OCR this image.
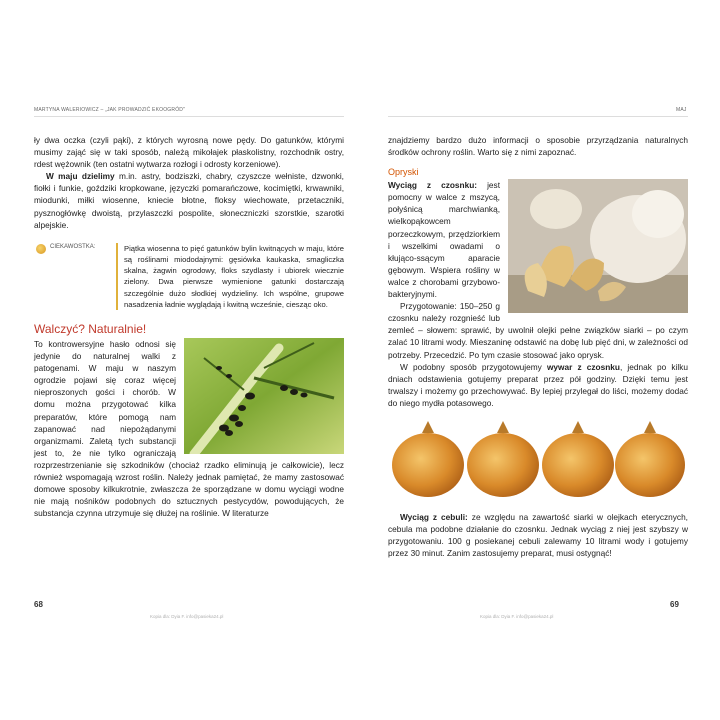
MARTYNA WALERIOWICZ – „JAK PROWADZIĆ EKOOGRÓD"

ły dwa oczka (czyli pąki), z których wyrosną nowe pędy. Do gatunków, którymi musimy zająć się w taki sposób, należą mikołajek płaskolistny, rozchodnik ostry, rdest wężownik (ten ostatni wytwarza rozłogi i odrosty korzeniowe).

W maju dzielimy m.in. astry, bodziszki, chabry, czyszcze wełniste, dzwonki, fiołki i funkie, goździki kropkowane, języczki pomarańczowe, kocimiętki, krwawniki, miodunki, miłki wiosenne, kniecie błotne, floksy wiechowate, przetaczniki, pysznogłówkę dwoistą, przylaszczki pospolite, słoneczniczki szorstkie, szarotki alpejskie.

CIEKAWOSTKA:	Piątka wiosenna to pięć gatunków bylin kwitnących w maju, które są roślinami miododajnymi: gęsiówka kaukaska, smagliczka skalna, żagwin ogrodowy, floks szydlasty i ubiorek wiecznie zielony. Dwa pierwsze wymienione gatunki dostarczają szczególnie dużo słodkiej wydzieliny. Ich wspólne, grupowe nasadzenia ładnie wyglądają i kwitną wcześnie, ciesząc oko.

Walczyć? Naturalnie!

To kontrowersyjne hasło odnosi się jedynie do naturalnej walki z patogenami. W maju w naszym ogrodzie pojawi się coraz więcej nieproszonych gości i chorób. W domu można przygotować kilka preparatów, które pomogą nam zapanować nad niepożądanymi organizmami. Zaletą tych substancji jest to, że nie tylko ograniczają rozprzestrzenianie się szkodników (chociaż rzadko eliminują je całkowicie), lecz również wspomagają wzrost roślin. Należy jednak pamiętać, że mamy zastosować domowe sposoby kilkukrotnie, zwłaszcza że sporządzane w domu wyciągi wodne nie mają nośników podobnych do sztucznych pestycydów, powodujących, że substancja czynna utrzymuje się dłużej na roślinie. W literaturze

68
Kopia dla: Dyia F. info@pasieka24.pl
MAJ

znajdziemy bardzo dużo informacji o sposobie przyrządzania naturalnych środków ochrony roślin. Warto się z nimi zapoznać.

Opryski

Wyciąg z czosnku: jest pomocny w walce z mszycą, połyśnicą marchwianką, wielkopąkowcem porzeczkowym, przędziorkiem i wszelkimi owadami o kłująco-ssącym aparacie gębowym. Wspiera rośliny w walce z chorobami grzybowo-bakteryjnymi.

Przygotowanie: 150–250 g czosnku należy rozgnieść lub zemleć – słowem: sprawić, by uwolnił olejki pełne związków siarki – po czym zalać 10 litrami wody. Mieszaninę odstawić na dobę lub pięć dni, w zależności od potrzeby. Przecedzić. Po tym czasie stosować jako oprysk.

W podobny sposób przygotowujemy wywar z czosnku, jednak po kilku dniach odstawienia gotujemy preparat przez pół godziny. Dzięki temu jest trwalszy i możemy go przechowywać. By lepiej przylegał do liści, możemy dodać do niego mydła potasowego.

Wyciąg z cebuli: ze względu na zawartość siarki w olejkach eterycznych, cebula ma podobne działanie do czosnku. Jednak wyciąg z niej jest szybszy w przygotowaniu. 100 g posiekanej cebuli zalewamy 10 litrami wody i gotujemy przez 30 minut. Zanim zastosujemy preparat, musi ostygnąć!

69
Kopia dla: Dyia F. info@pasieka24.pl
